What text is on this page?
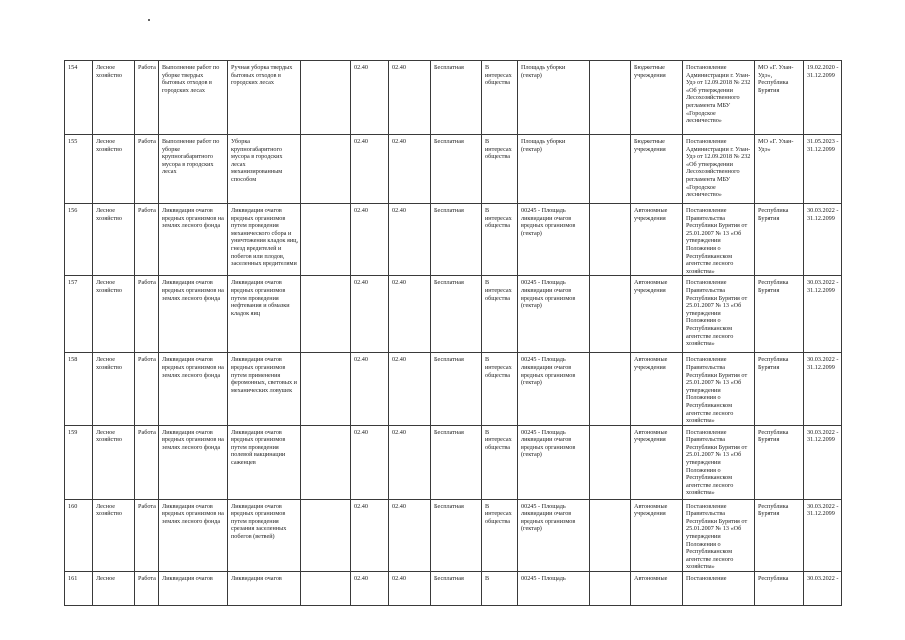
154	Лесное хозяйство	Работа	Выполнение работ по уборке твердых бытовых отходов в городских лесах	Ручная уборка твердых бытовых отходов в городских лесах		02.40	02.40	Бесплатная	В интересах общества	Площадь уборки (гектар)		Бюджетные учреждения	Постановление Администрации г. Улан-Удэ от 12.09.2018 № 232 «Об утверждении Лесохозяйственного регламента МБУ «Городское лесничество»	МО «Г. Улан-Удэ», Республика Бурятия	19.02.2020 - 31.12.2099
155	Лесное хозяйство	Работа	Выполнение работ по уборке крупногабаритного мусора в городских лесах	Уборка крупногабаритного мусора в городских лесах механизированным способом		02.40	02.40	Бесплатная	В интересах общества	Площадь уборки (гектар)		Бюджетные учреждения	Постановление Администрации г. Улан-Удэ от 12.09.2018 № 232 «Об утверждении Лесохозяйственного регламента МБУ «Городское лесничество»	МО «Г. Улан-Удэ»	31.05.2023 - 31.12.2099
156	Лесное хозяйство	Работа	Ликвидация очагов вредных организмов на землях лесного фонда	Ликвидация очагов вредных организмов путем проведения механического сбора и уничтожения кладок яиц, гнезд вредителей и побегов или плодов, заселенных вредителями		02.40	02.40	Бесплатная	В интересах общества	00245 - Площадь ликвидации очагов вредных организмов (гектар)		Автономные учреждения	Постановление Правительства Республики Бурятия от 25.01.2007 № 13 «Об утверждении Положения о Республиканском агентстве лесного хозяйства»	Республика Бурятия	30.03.2022 - 31.12.2099
157	Лесное хозяйство	Работа	Ликвидация очагов вредных организмов на землях лесного фонда	Ликвидация очагов вредных организмов путем проведения нефтевания и обмазки кладок яиц		02.40	02.40	Бесплатная	В интересах общества	00245 - Площадь ликвидации очагов вредных организмов (гектар)		Автономные учреждения	Постановление Правительства Республики Бурятия от 25.01.2007 № 13 «Об утверждении Положения о Республиканском агентстве лесного хозяйства»	Республика Бурятия	30.03.2022 - 31.12.2099
158	Лесное хозяйство	Работа	Ликвидация очагов вредных организмов на землях лесного фонда	Ликвидация очагов вредных организмов путем применения феромонных, световых и механических ловушек		02.40	02.40	Бесплатная	В интересах общества	00245 - Площадь ликвидации очагов вредных организмов (гектар)		Автономные учреждения	Постановление Правительства Республики Бурятия от 25.01.2007 № 13 «Об утверждении Положения о Республиканском агентстве лесного хозяйства»	Республика Бурятия	30.03.2022 - 31.12.2099
159	Лесное хозяйство	Работа	Ликвидация очагов вредных организмов на землях лесного фонда	Ликвидация очагов вредных организмов путем проведения полевой вакцинации саженцев		02.40	02.40	Бесплатная	В интересах общества	00245 - Площадь ликвидации очагов вредных организмов (гектар)		Автономные учреждения	Постановление Правительства Республики Бурятия от 25.01.2007 № 13 «Об утверждении Положения о Республиканском агентстве лесного хозяйства»	Республика Бурятия	30.03.2022 - 31.12.2099
160	Лесное хозяйство	Работа	Ликвидация очагов вредных организмов на землях лесного фонда	Ликвидация очагов вредных организмов путем проведения срезания заселенных побегов (ветвей)		02.40	02.40	Бесплатная	В интересах общества	00245 - Площадь ликвидации очагов вредных организмов (гектар)		Автономные учреждения	Постановление Правительства Республики Бурятия от 25.01.2007 № 13 «Об утверждении Положения о Республиканском агентстве лесного хозяйства»	Республика Бурятия	30.03.2022 - 31.12.2099
161	Лесное	Работа	Ликвидация очагов	Ликвидация очагов		02.40	02.40	Бесплатная	В	00245 - Площадь		Автономные	Постановление	Республика	30.03.2022 -
